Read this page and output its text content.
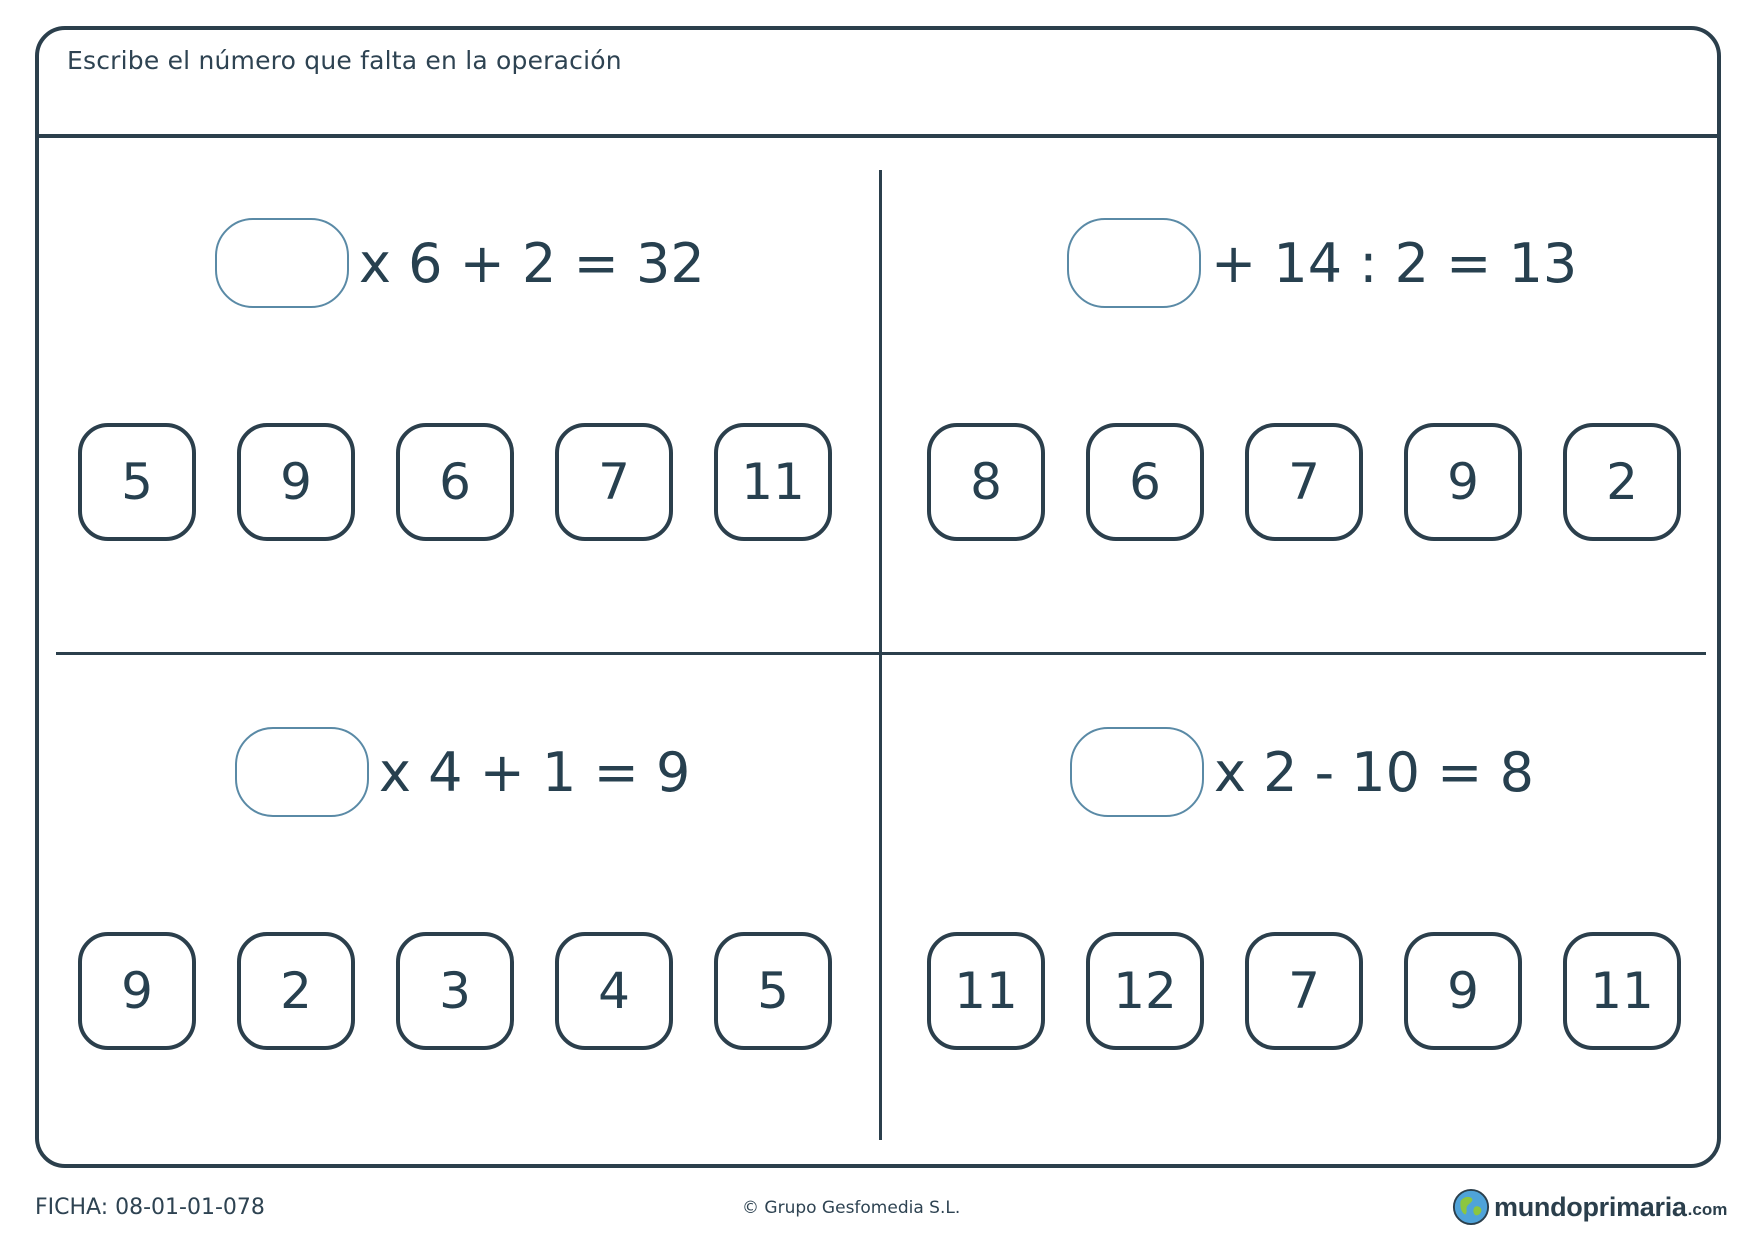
Escribe el número que falta en la operación
x 6 + 2 = 32
5	9	6	7	11
+ 14 : 2 = 13
8	6	7	9	2
x 4 + 1 = 9
9	2	3	4	5
x 2 - 10 = 8
11	12	7	9	11
FICHA: 08-01-01-078	© Grupo Gesfomedia S.L.	mundoprimaria .com
